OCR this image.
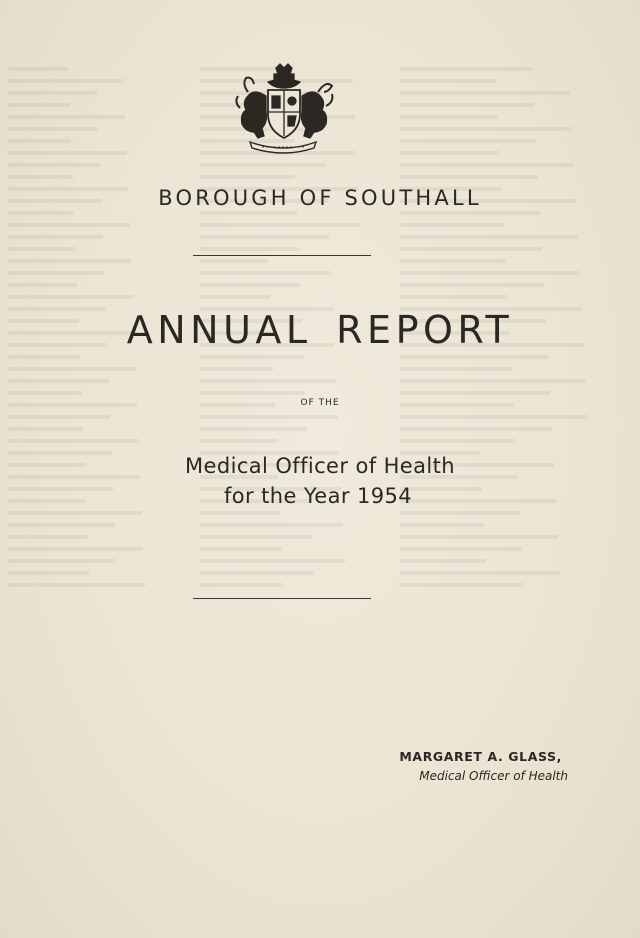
BOROUGH OF SOUTHALL
ANNUAL REPORT
OF THE
Medical Officer of Health
for the Year 1954
MARGARET A. GLASS,
Medical Officer of Health
